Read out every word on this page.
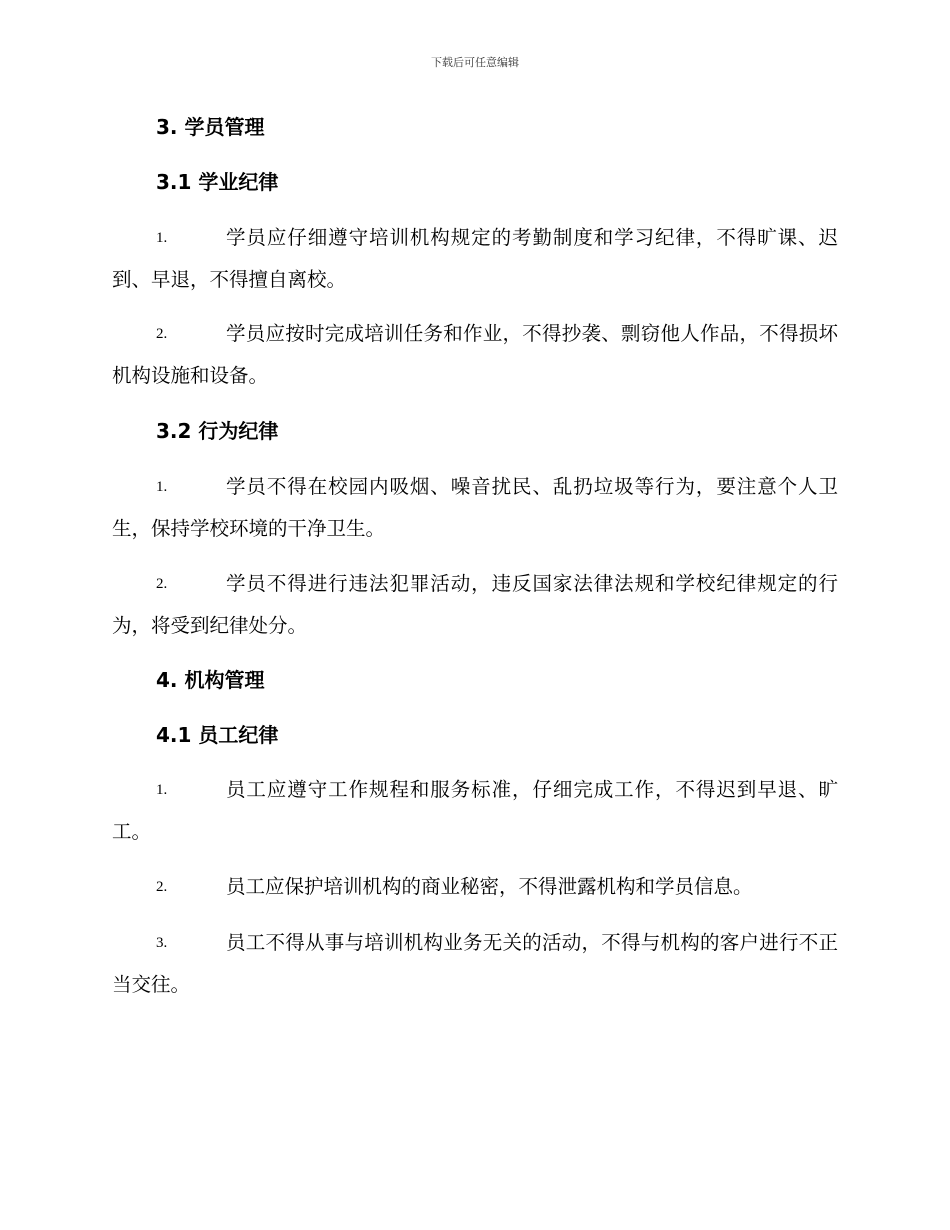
下载后可任意编辑
3. 学员管理
3.1 学业纪律
1.	学员应仔细遵守培训机构规定的考勤制度和学习纪律，不得旷课、迟到、早退，不得擅自离校。
2.	学员应按时完成培训任务和作业，不得抄袭、剽窃他人作品，不得损坏机构设施和设备。
3.2 行为纪律
1.	学员不得在校园内吸烟、噪音扰民、乱扔垃圾等行为，要注意个人卫生，保持学校环境的干净卫生。
2.	学员不得进行违法犯罪活动，违反国家法律法规和学校纪律规定的行为，将受到纪律处分。
4. 机构管理
4.1 员工纪律
1.	员工应遵守工作规程和服务标准，仔细完成工作，不得迟到早退、旷工。
2.	员工应保护培训机构的商业秘密，不得泄露机构和学员信息。
3.	员工不得从事与培训机构业务无关的活动，不得与机构的客户进行不正当交往。
